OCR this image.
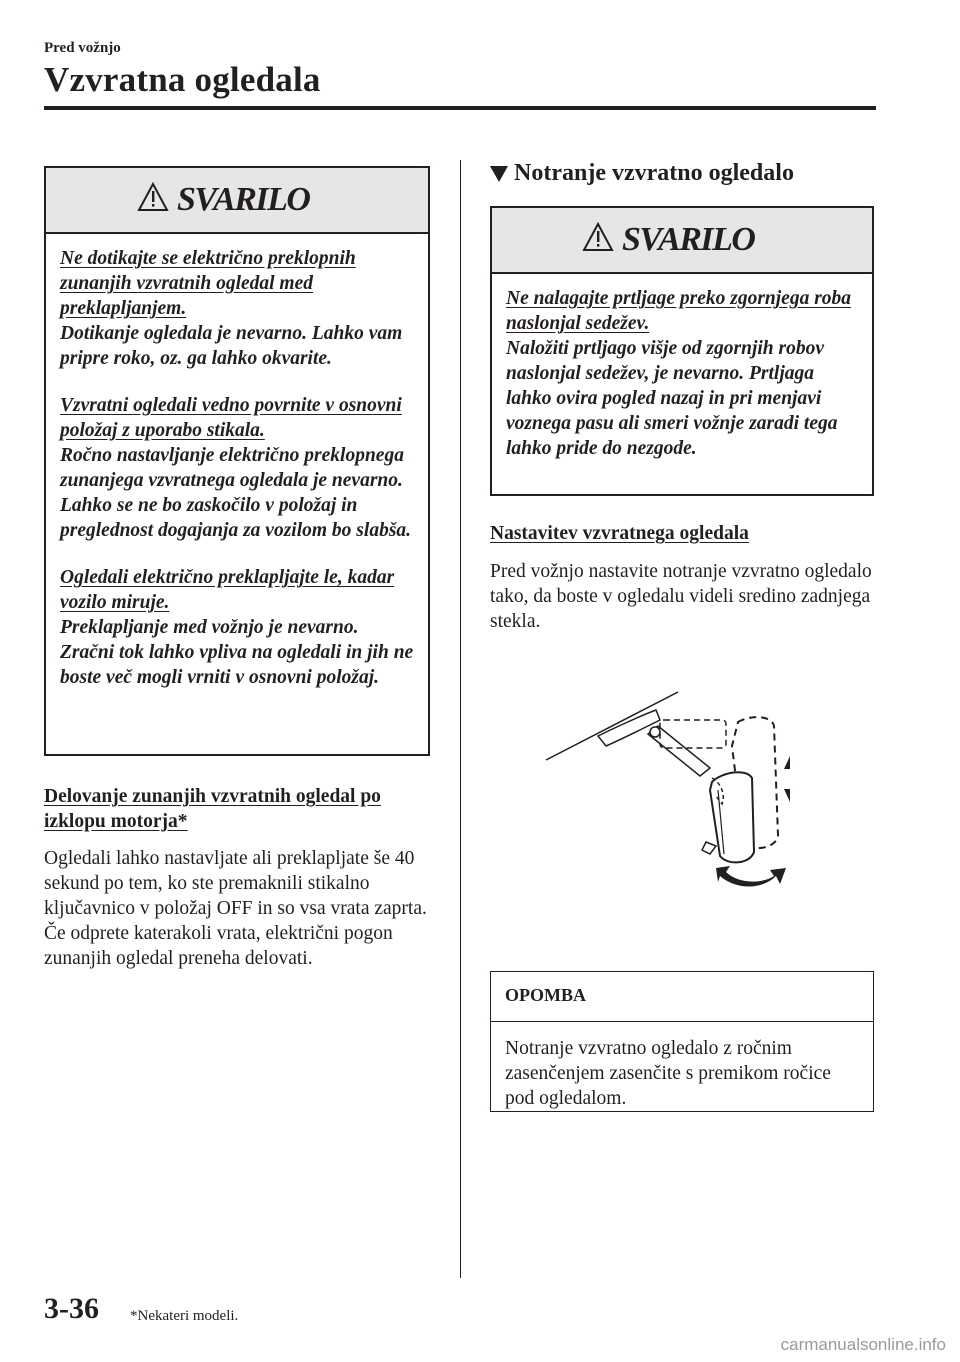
Pred vožnjo
Vzvratna ogledala
SVARILO
Ne dotikajte se električno preklopnih zunanjih vzvratnih ogledal med preklapljanjem.
Dotikanje ogledala je nevarno. Lahko vam pripre roko, oz. ga lahko okvarite.
Vzvratni ogledali vedno povrnite v osnovni položaj z uporabo stikala.
Ročno nastavljanje električno preklopnega zunanjega vzvratnega ogledala je nevarno. Lahko se ne bo zaskočilo v položaj in preglednost dogajanja za vozilom bo slabša.
Ogledali električno preklapljajte le, kadar vozilo miruje.
Preklapljanje med vožnjo je nevarno. Zračni tok lahko vpliva na ogledali in jih ne boste več mogli vrniti v osnovni položaj.
Delovanje zunanjih vzvratnih ogledal po izklopu motorja*
Ogledali lahko nastavljate ali preklapljate še 40 sekund po tem, ko ste premaknili stikalno ključavnico v položaj OFF in so vsa vrata zaprta. Če odprete katerakoli vrata, električni pogon zunanjih ogledal preneha delovati.
Notranje vzvratno ogledalo
SVARILO
Ne nalagajte prtljage preko zgornjega roba naslonjal sedežev.
Naložiti prtljago višje od zgornjih robov naslonjal sedežev, je nevarno. Prtljaga lahko ovira pogled nazaj in pri menjavi voznega pasu ali smeri vožnje zaradi tega lahko pride do nezgode.
Nastavitev vzvratnega ogledala
Pred vožnjo nastavite notranje vzvratno ogledalo tako, da boste v ogledalu videli sredino zadnjega stekla.
OPOMBA
Notranje vzvratno ogledalo z ročnim zasenčenjem zasenčite s premikom ročice pod ogledalom.
3-36 *Nekateri modeli.
carmanualsonline.info
